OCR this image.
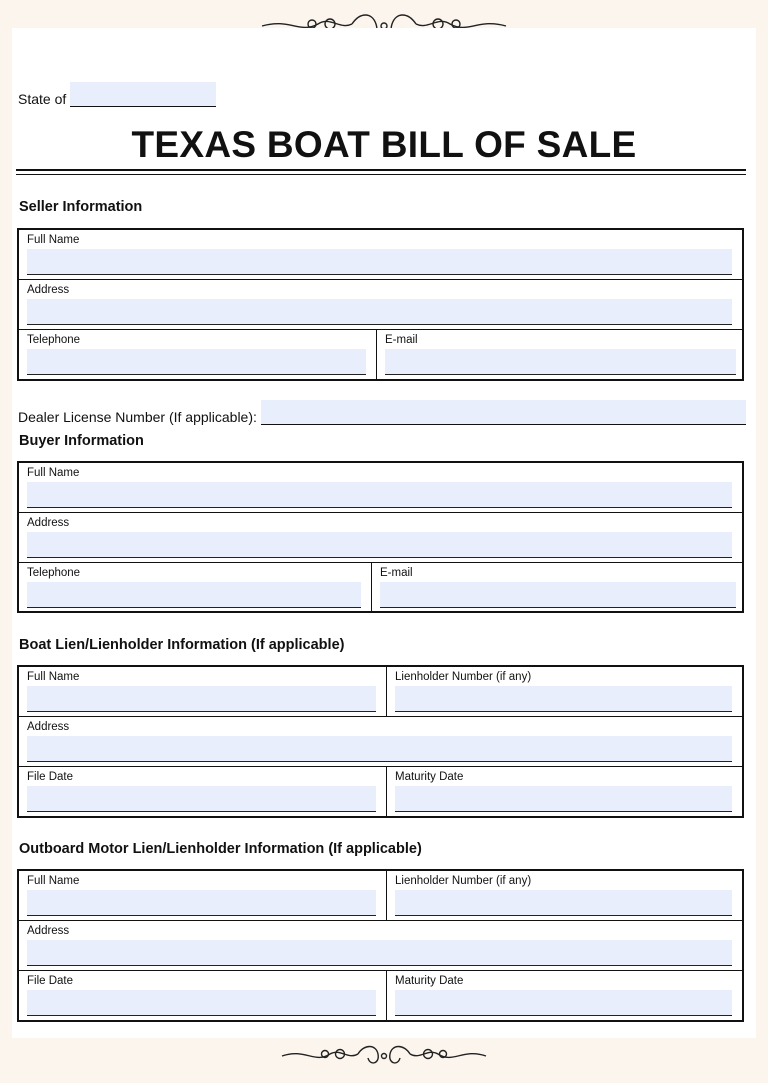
State of
TEXAS BOAT BILL OF SALE
Seller Information
Full Name
Address
Telephone	E-mail
Dealer License Number (If applicable):
Buyer Information
Full Name
Address
Telephone	E-mail
Boat Lien/Lienholder Information (If applicable)
Full Name	Lienholder Number (if any)
Address
File Date	Maturity Date
Outboard Motor Lien/Lienholder Information (If applicable)
Full Name	Lienholder Number (if any)
Address
File Date	Maturity Date
